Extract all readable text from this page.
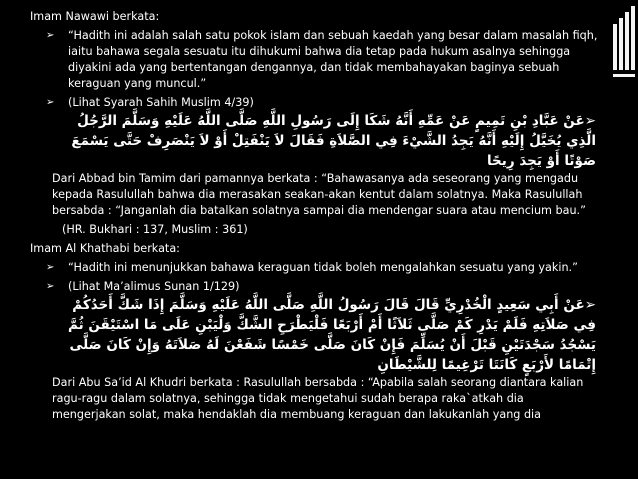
Imam Nawawi berkata:
➢ “Hadith ini adalah salah satu pokok islam dan sebuah kaedah yang besar dalam masalah fiqh, iaitu bahawa segala sesuatu itu dihukumi bahwa dia tetap pada hukum asalnya sehingga diyakini ada yang bertentangan dengannya, dan tidak membahayakan baginya sebuah keraguan yang muncul.”
➢ (Lihat Syarah Sahih Muslim 4/39)
➢عَنْ عَبَّادِ بْنِ تَمِيمٍ عَنْ عَمِّهِ أَنَّهُ شَكَا إِلَى رَسُولِ اللَّهِ صَلَّى اللَّهُ عَلَيْهِ وَسَلَّمَ الرَّجُلُ الَّذِي يُخَيَّلُ إِلَيْهِ أَنَّهُ يَجِدُ الشَّيْءَ فِي الصَّلاَةِ فَقَالَ لاَ يَنْفَتِلْ أَوْ لاَ يَنْصَرِفْ حَتَّى يَسْمَعَ صَوْتًا أَوْ يَجِدَ رِيحًا
Dari Abbad bin Tamim dari pamannya berkata : “Bahawasanya ada seseorang yang mengadu kepada Rasulullah bahwa dia merasakan seakan-akan kentut dalam solatnya. Maka Rasulullah bersabda : “Janganlah dia batalkan solatnya sampai dia mendengar suara atau mencium bau.”
(HR. Bukhari : 137, Muslim : 361)
Imam Al Khathabi berkata:
➢ “Hadith ini menunjukkan bahawa keraguan tidak boleh mengalahkan sesuatu yang yakin.”
➢ (Lihat Ma’alimus Sunan 1/129)
➢عَنْ أَبِي سَعِيدٍ الْخُدْرِيِّ قَالَ قَالَ رَسُولُ اللَّهِ صَلَّى اللَّهُ عَلَيْهِ وَسَلَّمَ إِذَا شَكَّ أَحَدُكُمْ فِي صَلاَتِهِ فَلَمْ يَدْرِ كَمْ صَلَّى ثَلاَثًا أَمْ أَرْبَعًا فَلْيَطْرَحِ الشَّكَّ وَلْيَبْنِ عَلَى مَا اسْتَيْقَنَ ثُمَّ يَسْجُدُ سَجْدَتَيْنِ قَبْلَ أَنْ يُسَلِّمَ فَإِنْ كَانَ صَلَّى خَمْسًا شَفَعْنَ لَهُ صَلاَتَهُ وَإِنْ كَانَ صَلَّى إِتْمَامًا لأَرْبَعٍ كَانَتَا تَرْغِيمًا لِلشَّيْطَانِ
Dari Abu Sa’id Al Khudri berkata : Rasulullah bersabda : “Apabila salah seorang diantara kalian ragu-ragu dalam solatnya, sehingga tidak mengetahui sudah berapa raka`atkah dia mengerjakan solat, maka hendaklah dia membuang keraguan dan lakukanlah yang dia
